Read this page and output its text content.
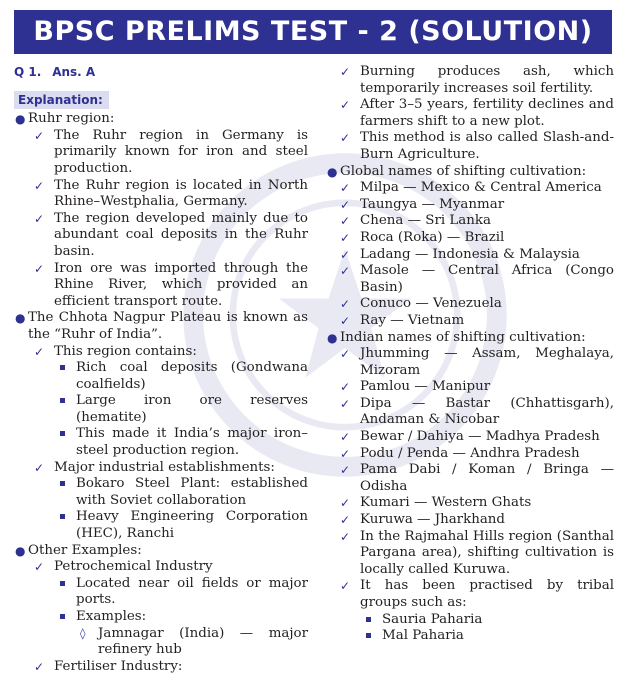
BPSC PRELIMS TEST - 2 (SOLUTION)
Q 1. Ans. A
Explanation:
● Ruhr region:
✓ The Ruhr region in Germany is primarily known for iron and steel production.
✓ The Ruhr region is located in North Rhine–Westphalia, Germany.
✓ The region developed mainly due to abundant coal deposits in the Ruhr basin.
✓ Iron ore was imported through the Rhine River, which provided an efficient transport route.
● The Chhota Nagpur Plateau is known as the “Ruhr of India”.
✓ This region contains:
Rich coal deposits (Gondwana coalfields)
Large iron ore reserves (hematite)
This made it India’s major iron–steel production region.
✓ Major industrial establishments:
Bokaro Steel Plant: established with Soviet collaboration
Heavy Engineering Corporation (HEC), Ranchi
● Other Examples:
✓ Petrochemical Industry
Located near oil fields or major ports.
Examples:
◊ Jamnagar (India) — major refinery hub
✓ Fertiliser Industry:
✓ Burning produces ash, which temporarily increases soil fertility.
✓ After 3–5 years, fertility declines and farmers shift to a new plot.
✓ This method is also called Slash-and-Burn Agriculture.
● Global names of shifting cultivation:
✓ Milpa — Mexico & Central America
✓ Taungya — Myanmar
✓ Chena — Sri Lanka
✓ Roca (Roka) — Brazil
✓ Ladang — Indonesia & Malaysia
✓ Masole — Central Africa (Congo Basin)
✓ Conuco — Venezuela
✓ Ray — Vietnam
● Indian names of shifting cultivation:
✓ Jhumming — Assam, Meghalaya, Mizoram
✓ Pamlou — Manipur
✓ Dipa — Bastar (Chhattisgarh), Andaman & Nicobar
✓ Bewar / Dahiya — Madhya Pradesh
✓ Podu / Penda — Andhra Pradesh
✓ Pama Dabi / Koman / Bringa — Odisha
✓ Kumari — Western Ghats
✓ Kuruwa — Jharkhand
✓ In the Rajmahal Hills region (Santhal Pargana area), shifting cultivation is locally called Kuruwa.
✓ It has been practised by tribal groups such as:
Sauria Paharia
Mal Paharia
